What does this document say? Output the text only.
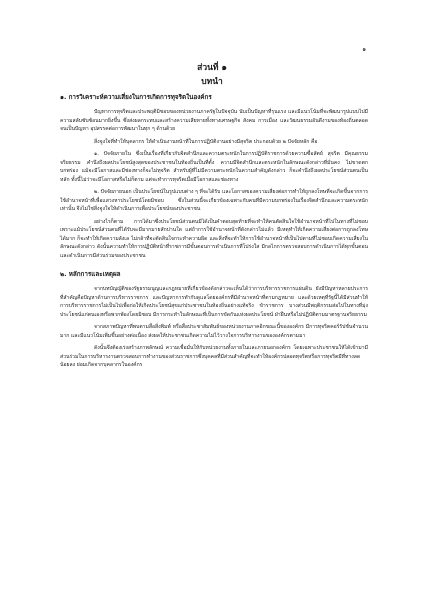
๑
ส่วนที่ ๑
บทนำ
๑. การวิเคราะห์ความเสี่ยงในการเกิดการทุจริตในองค์กร

ปัญหาการทุจริตและประพฤติมิชอบของหน่วยงานภาครัฐในปัจจุบัน นับเป็นปัญหาที่รุนแรง และมีแนวโน้มที่จะพัฒนารูปแบบไปมีความสลับซับซ้อนมากยิ่งขึ้น ซึ่งส่งผลกระทบและสร้างความเสียหายทั้งทางเศรษฐกิจ สังคม การเมือง และวัฒนธรรมอันดีงามของท้องถิ่นตลอดจนเป็นปัญหา อุปสรรคต่อการพัฒนาในทุก ๆ ด้านด้วย

สิ่งจูงใจที่ทำให้บุคลากร ให้ดำเนินงานหน้าที่ในการปฏิบัติงานอย่างมีสุจริต ประกอบด้วย ๒ ปัจจัยหลัก คือ

๑. ปัจจัยภายใน ซึ่งเป็นเรื่องที่เกี่ยวกับจิตสำนึกและความตระหนักในการปฏิบัติราชการด้วยความซื่อสัตย์ สุจริต มีคุณธรรม จริยธรรม คำนึงถึงผลประโยชน์สูงสุดของประชาชนในท้องถิ่นเป็นที่ตั้ง ความมีจิตสำนึกและตระหนักในลักษณะดังกล่าวที่มั่นคง ไม่ขาดตกบกพร่อง แม้จะมีโอกาสและมีช่องทางก็จะไม่ทุจริต สำหรับผู้ที่ไม่มีความตระหนักในความสำคัญดังกล่าว ก็จะคำนึงถึงผลประโยชน์ส่วนตนเป็นหลัก ทั้งนี้ไม่ว่าจะมีโอกาสหรือไม่ก็ตาม แต่จะทำการทุจริตเมื่อมีโอกาสและช่องทาง

๒. ปัจจัยภายนอก เป็นประโยชน์ในรูปแบบต่าง ๆ ที่จะได้รับ และโอกาสของความเสี่ยงต่อการทำให้ถูกลงโทษที่จะเกิดขึ้นจากการใช้อำนาจหน้าที่เพื่อแสวงหาประโยชน์โดยมิชอบ ซึ่งในส่วนนี้จะเกี่ยวข้องเฉพาะกับคนที่มีความบกพร่องในเรื่องจิตสำนึกและความตระหนักเท่านั้น จึงไม่ใช่สิ่งจูงใจให้ดำเนินการเพื่อประโยชน์ของประชาชน

อย่างไรก็ตาม การได้มาซึ่งประโยชน์ส่วนตนมิได้เป็นคำตอบสุดท้ายที่จะทำให้คนตัดสินใจใช้อำนาจหน้าที่ไปในทางที่ไม่ชอบ เพราะแม้ประโยชน์ส่วนตนที่ได้รับจะมีมากมายสักปานใด แต่ถ้าการใช้อำนาจหน้าที่ดังกล่าวไม่แล้ว มีเหตุทำให้เกิดความเสี่ยงต่อการถูกลงโทษได้มาก ก็จะทำให้เกิดความลังเล ไม่กล้าที่จะตัดสินใจกระทำความผิด และสิ่งที่จะทำให้การใช้อำนาจหน้าที่เป็นไปตามที่ไม่ชอบเกิดความเสี่ยงในลักษณะดังกล่าว ดังนั้นความทำให้การปฏิบัติหน้าที่ราชการมีขั้นตอนการดำเนินการที่โปร่งใส มีกลไกการตรวจสอบการดำเนินการได้ทุกขั้นตอน และดำเนินการมีส่วนร่วมของประชาชน

๒. หลักการและเหตุผล

จากบทบัญญัติของรัฐธรรมนูญและกฎหมายที่เกี่ยวข้องดังกล่าวจะเห็นได้ว่าการบริหารราชการแผ่นดิน ยังมีปัญหาหลายประการ ที่สำคัญคือปัญหาด้านการบริหารราชการ และปัญหาการทำกับดูแลโดยองค์กรที่มีอำนาจหน้าที่ตามกฎหมาย และด้วยเหตุที่รัฐนี้ได้มีส่วนทำให้การบริหารราชการไม่เป็นไปเพื่อก่อให้เกิดประโยชน์สุขแก่ประชาชนในท้องถิ่นอย่างแท้จริง ข้าราชการ บางส่วนมีพฤติกรรมส่อไปในทางที่มุ่งประโยชน์แก่ตนเองหรือพวกพ้องโดยมิชอบ มีการกระทำในลักษณะที่เป็นการขัดกันแห่งผลประโยชน์ ฝ่าฝืนหรือไม่ปฏิบัติตามมาตรฐานจริยธรรม

จากสภาพปัญหาที่พบตามสื่อสิ่งพิมพ์ หรือสื่อประชาสัมพันธ์ของหน่วยงานภาคอิกขณะนี้ขององค์กร มีการทุจริตคอร์รัปชั่นจำนวนมาก และมีแนวโน้มเพิ่มขึ้นอย่างต่อเนื่อง ส่งผลให้ประชาชนเกิดความไม่ไว้วางใจการบริหารงานขององค์กรตามมา

ดังนั้นจึงต้องเร่งสร้างภาพลักษณ์ ความเชื่อมั่นให้กับหน่วยงานทั้งภายในและภายนอกองค์กร โดยเฉพาะประชาชนให้ได้เข้ามามีส่วนร่วมในการบริหารงานตรวจสอบการทำงานของส่วนราชการซึ่งบุคคลที่มีส่วนสำคัญที่จะทำให้องค์กรปลอดทุจริตหรือการทุจริตมีที่ทางลดน้อยลง ย่อมเกิดจากบุคลากรในองค์กร
